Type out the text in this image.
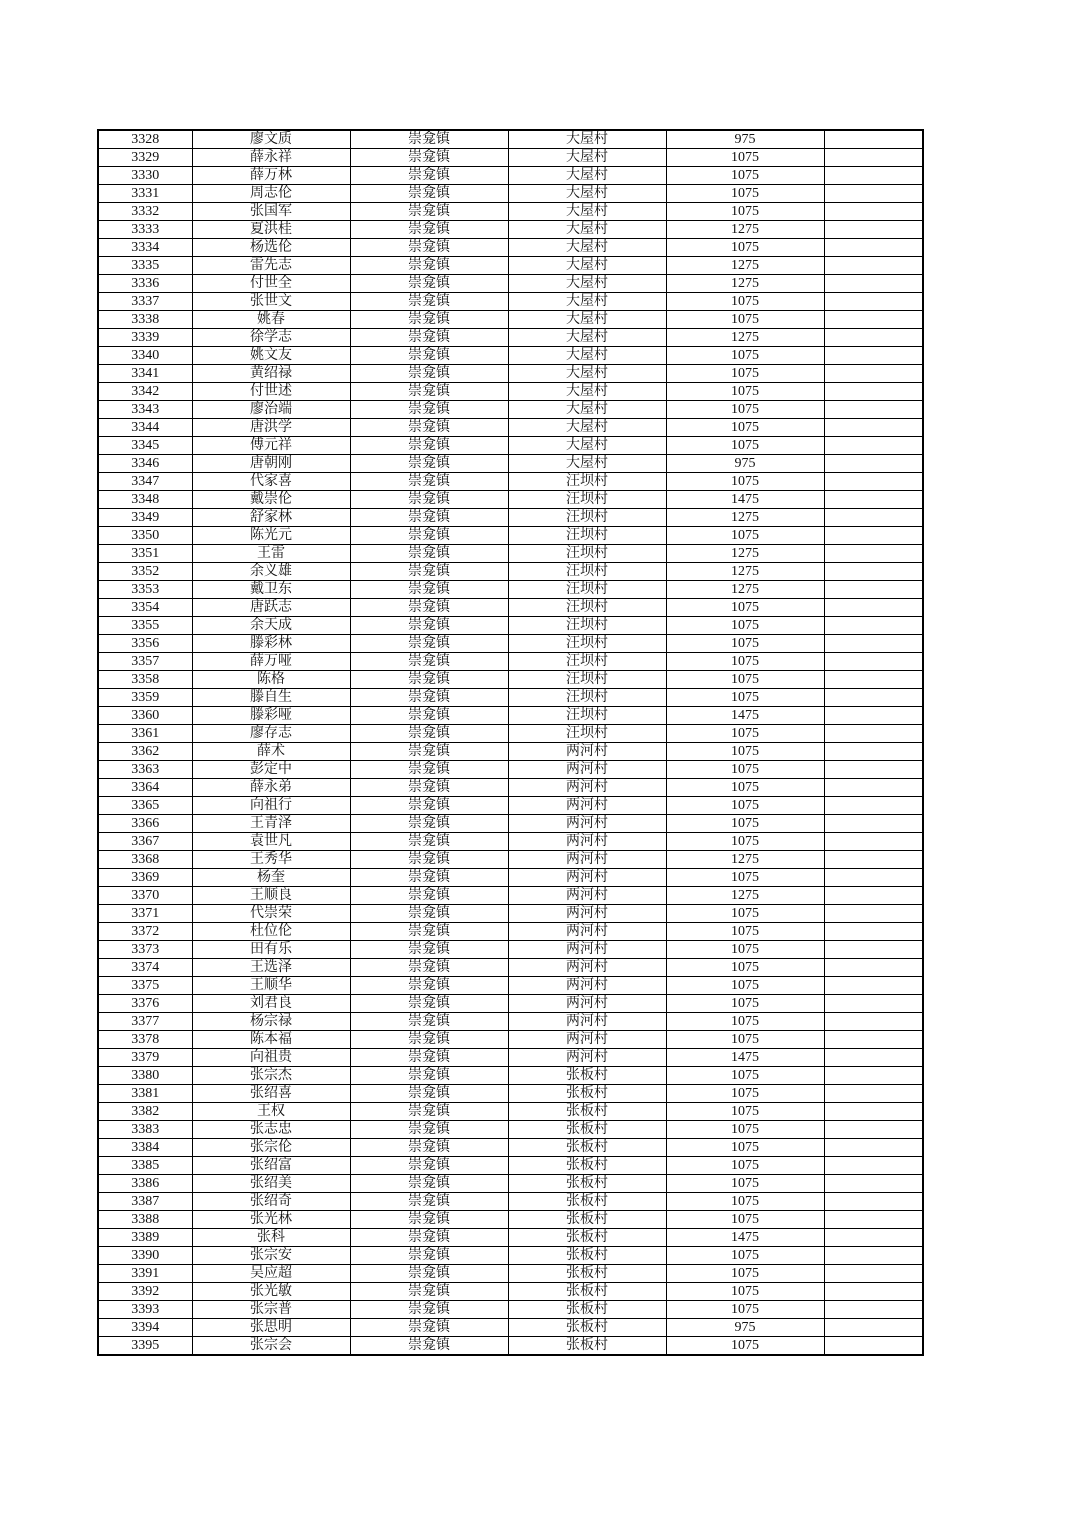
3328	廖文质	崇龛镇	大屋村	975	
3329	薛永祥	崇龛镇	大屋村	1075	
3330	薛万林	崇龛镇	大屋村	1075	
3331	周志伦	崇龛镇	大屋村	1075	
3332	张国军	崇龛镇	大屋村	1075	
3333	夏洪桂	崇龛镇	大屋村	1275	
3334	杨选伦	崇龛镇	大屋村	1075	
3335	雷先志	崇龛镇	大屋村	1275	
3336	付世全	崇龛镇	大屋村	1275	
3337	张世文	崇龛镇	大屋村	1075	
3338	姚春	崇龛镇	大屋村	1075	
3339	徐学志	崇龛镇	大屋村	1275	
3340	姚文友	崇龛镇	大屋村	1075	
3341	黄绍禄	崇龛镇	大屋村	1075	
3342	付世述	崇龛镇	大屋村	1075	
3343	廖治端	崇龛镇	大屋村	1075	
3344	唐洪学	崇龛镇	大屋村	1075	
3345	傅元祥	崇龛镇	大屋村	1075	
3346	唐朝刚	崇龛镇	大屋村	975	
3347	代家喜	崇龛镇	汪坝村	1075	
3348	戴崇伦	崇龛镇	汪坝村	1475	
3349	舒家林	崇龛镇	汪坝村	1275	
3350	陈光元	崇龛镇	汪坝村	1075	
3351	王雷	崇龛镇	汪坝村	1275	
3352	余义雄	崇龛镇	汪坝村	1275	
3353	戴卫东	崇龛镇	汪坝村	1275	
3354	唐跃志	崇龛镇	汪坝村	1075	
3355	余天成	崇龛镇	汪坝村	1075	
3356	滕彩林	崇龛镇	汪坝村	1075	
3357	薛万哑	崇龛镇	汪坝村	1075	
3358	陈格	崇龛镇	汪坝村	1075	
3359	滕自生	崇龛镇	汪坝村	1075	
3360	滕彩哑	崇龛镇	汪坝村	1475	
3361	廖存志	崇龛镇	汪坝村	1075	
3362	薛术	崇龛镇	两河村	1075	
3363	彭定中	崇龛镇	两河村	1075	
3364	薛永弟	崇龛镇	两河村	1075	
3365	向祖行	崇龛镇	两河村	1075	
3366	王青泽	崇龛镇	两河村	1075	
3367	袁世凡	崇龛镇	两河村	1075	
3368	王秀华	崇龛镇	两河村	1275	
3369	杨奎	崇龛镇	两河村	1075	
3370	王顺良	崇龛镇	两河村	1275	
3371	代崇荣	崇龛镇	两河村	1075	
3372	杜位伦	崇龛镇	两河村	1075	
3373	田有乐	崇龛镇	两河村	1075	
3374	王选泽	崇龛镇	两河村	1075	
3375	王顺华	崇龛镇	两河村	1075	
3376	刘君良	崇龛镇	两河村	1075	
3377	杨宗禄	崇龛镇	两河村	1075	
3378	陈本福	崇龛镇	两河村	1075	
3379	向祖贵	崇龛镇	两河村	1475	
3380	张宗杰	崇龛镇	张板村	1075	
3381	张绍喜	崇龛镇	张板村	1075	
3382	王权	崇龛镇	张板村	1075	
3383	张志忠	崇龛镇	张板村	1075	
3384	张宗伦	崇龛镇	张板村	1075	
3385	张绍富	崇龛镇	张板村	1075	
3386	张绍美	崇龛镇	张板村	1075	
3387	张绍奇	崇龛镇	张板村	1075	
3388	张光林	崇龛镇	张板村	1075	
3389	张科	崇龛镇	张板村	1475	
3390	张宗安	崇龛镇	张板村	1075	
3391	吴应超	崇龛镇	张板村	1075	
3392	张光敏	崇龛镇	张板村	1075	
3393	张宗普	崇龛镇	张板村	1075	
3394	张思明	崇龛镇	张板村	975	
3395	张宗会	崇龛镇	张板村	1075	
